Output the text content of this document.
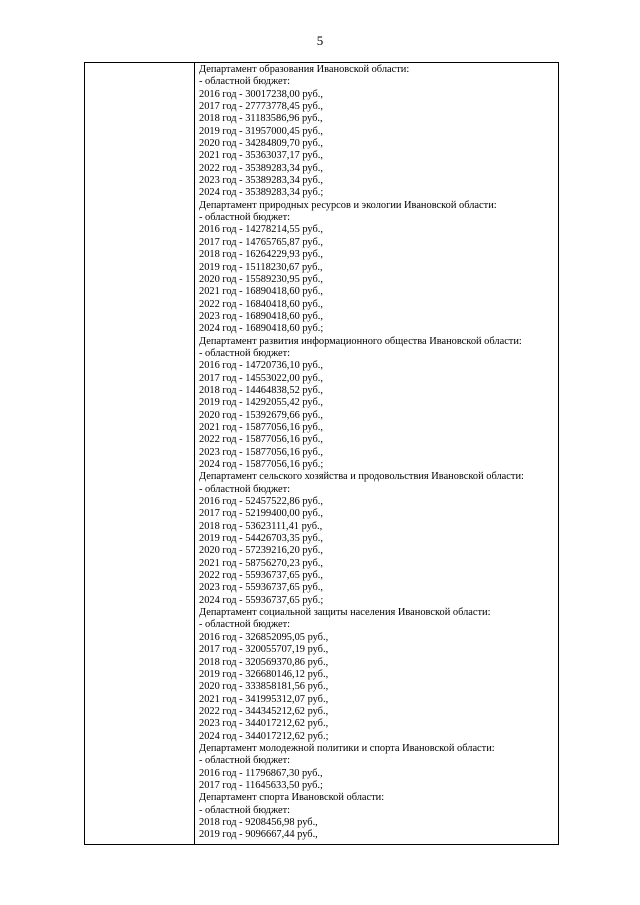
5
Департамент образования Ивановской области:
- областной бюджет:
2016 год - 30017238,00 руб.,
2017 год - 27773778,45 руб.,
2018 год - 31183586,96 руб.,
2019 год - 31957000,45 руб.,
2020 год - 34284809,70 руб.,
2021 год - 35363037,17 руб.,
2022 год - 35389283,34 руб.,
2023 год - 35389283,34 руб.,
2024 год - 35389283,34 руб.;
Департамент природных ресурсов и экологии Ивановской области:
- областной бюджет:
2016 год - 14278214,55 руб.,
2017 год - 14765765,87 руб.,
2018 год - 16264229,93 руб.,
2019 год - 15118230,67 руб.,
2020 год - 15589230,95 руб.,
2021 год - 16890418,60 руб.,
2022 год - 16840418,60 руб.,
2023 год - 16890418,60 руб.,
2024 год - 16890418,60 руб.;
Департамент развития информационного общества Ивановской области:
- областной бюджет:
2016 год - 14720736,10 руб.,
2017 год - 14553022,00 руб.,
2018 год - 14464838,52 руб.,
2019 год - 14292055,42 руб.,
2020 год - 15392679,66 руб.,
2021 год - 15877056,16 руб.,
2022 год - 15877056,16 руб.,
2023 год - 15877056,16 руб.,
2024 год - 15877056,16 руб.;
Департамент сельского хозяйства и продовольствия Ивановской области:
- областной бюджет:
2016 год - 52457522,86 руб.,
2017 год - 52199400,00 руб.,
2018 год - 53623111,41 руб.,
2019 год - 54426703,35 руб.,
2020 год - 57239216,20 руб.,
2021 год - 58756270,23 руб.,
2022 год - 55936737,65 руб.,
2023 год - 55936737,65 руб.,
2024 год - 55936737,65 руб.;
Департамент социальной защиты населения Ивановской области:
- областной бюджет:
2016 год - 326852095,05 руб.,
2017 год - 320055707,19 руб.,
2018 год - 320569370,86 руб.,
2019 год - 326680146,12 руб.,
2020 год - 333858181,56 руб.,
2021 год - 341995312,07 руб.,
2022 год - 344345212,62 руб.,
2023 год - 344017212,62 руб.,
2024 год - 344017212,62 руб.;
Департамент молодежной политики и спорта Ивановской области:
- областной бюджет:
2016 год - 11796867,30 руб.,
2017 год - 11645633,50 руб.;
Департамент спорта Ивановской области:
- областной бюджет:
2018 год - 9208456,98 руб.,
2019 год - 9096667,44 руб.,
